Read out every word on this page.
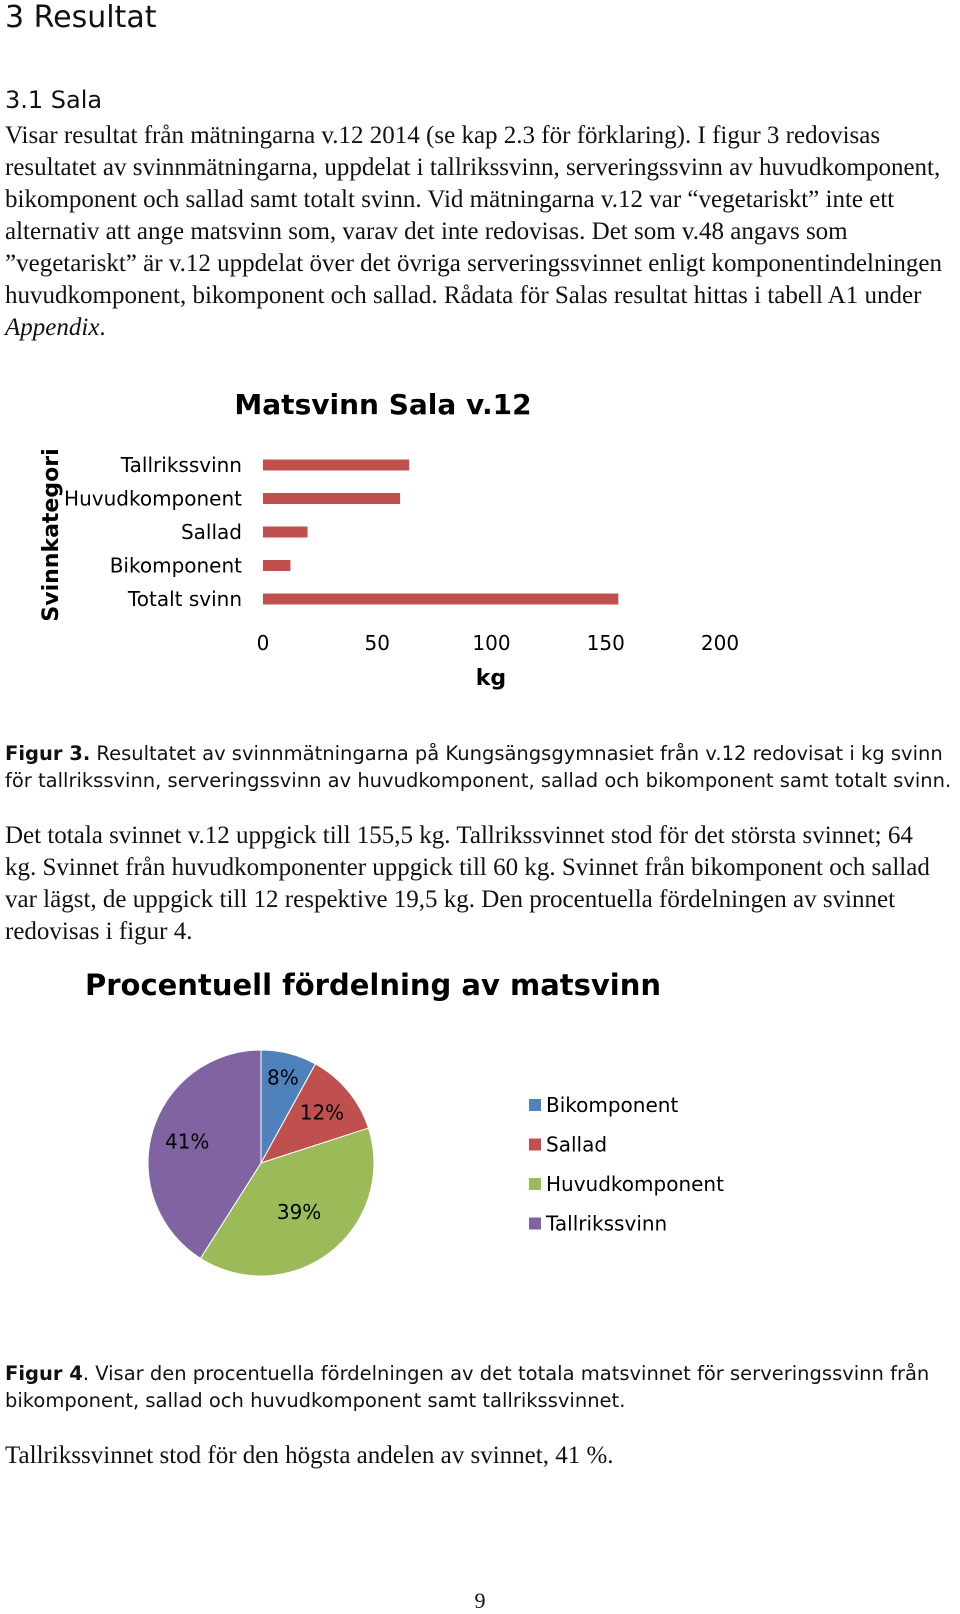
3 Resultat
3.1 Sala

Visar resultat från mätningarna v.12 2014 (se kap 2.3 för förklaring). I figur 3 redovisas resultatet av svinnmätningarna, uppdelat i tallrikssvinn, serveringssvinn av huvudkomponent, bikomponent och sallad samt totalt svinn. Vid mätningarna v.12 var “vegetariskt” inte ett alternativ att ange matsvinn som, varav det inte redovisas. Det som v.48 angavs som ”vegetariskt” är v.12 uppdelat över det övriga serveringssvinnet enligt komponentindelningen huvudkomponent, bikomponent och sallad. Rådata för Salas resultat hittas i tabell A1 under Appendix.

Matsvinn Sala v.12
Svinnkategori
kg
Tallrikssvinn
Huvudkomponent
Sallad
Bikomponent
Totalt svinn
0	50	100	150	200

Figur 3. Resultatet av svinnmätningarna på Kungsängsgymnasiet från v.12 redovisat i kg svinn för tallrikssvinn, serveringssvinn av huvudkomponent, sallad och bikomponent samt totalt svinn.

Det totala svinnet v.12 uppgick till 155,5 kg. Tallrikssvinnet stod för det största svinnet; 64 kg. Svinnet från huvudkomponenter uppgick till 60 kg. Svinnet från bikomponent och sallad var lägst, de uppgick till 12 respektive 19,5 kg. Den procentuella fördelningen av svinnet redovisas i figur 4.

Procentuell fördelning av matsvinn
8%
12%
39%
41%
Bikomponent
Sallad
Huvudkomponent
Tallrikssvinn

Figur 4. Visar den procentuella fördelningen av det totala matsvinnet för serveringssvinn från bikomponent, sallad och huvudkomponent samt tallrikssvinnet.

Tallrikssvinnet stod för den högsta andelen av svinnet, 41 %.

9
